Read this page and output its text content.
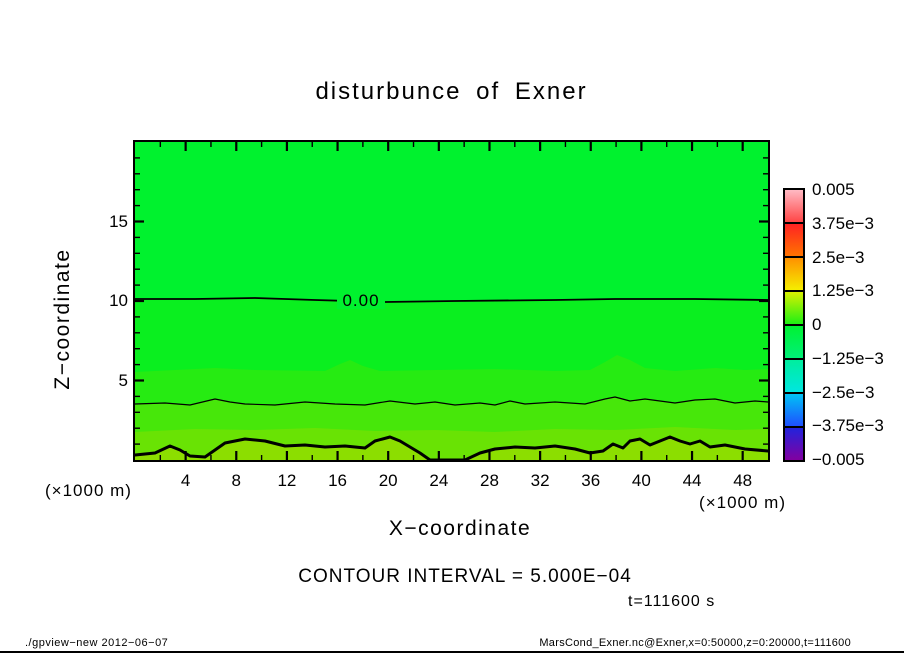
disturbunce of Exner
Z−coordinate	0.00
5
10
15
4	8	12	16	20	24	28	32	36	40	44	48
(×1000 m)
(×1000 m)
X−coordinate
0.005
3.75e−3
2.5e−3
1.25e−3
0
−1.25e−3
−2.5e−3
−3.75e−3
−0.005
CONTOUR INTERVAL = 5.000E−04
t=111600 s
./gpview−new 2012−06−07	MarsCond_Exner.nc@Exner,x=0:50000,z=0:20000,t=111600
